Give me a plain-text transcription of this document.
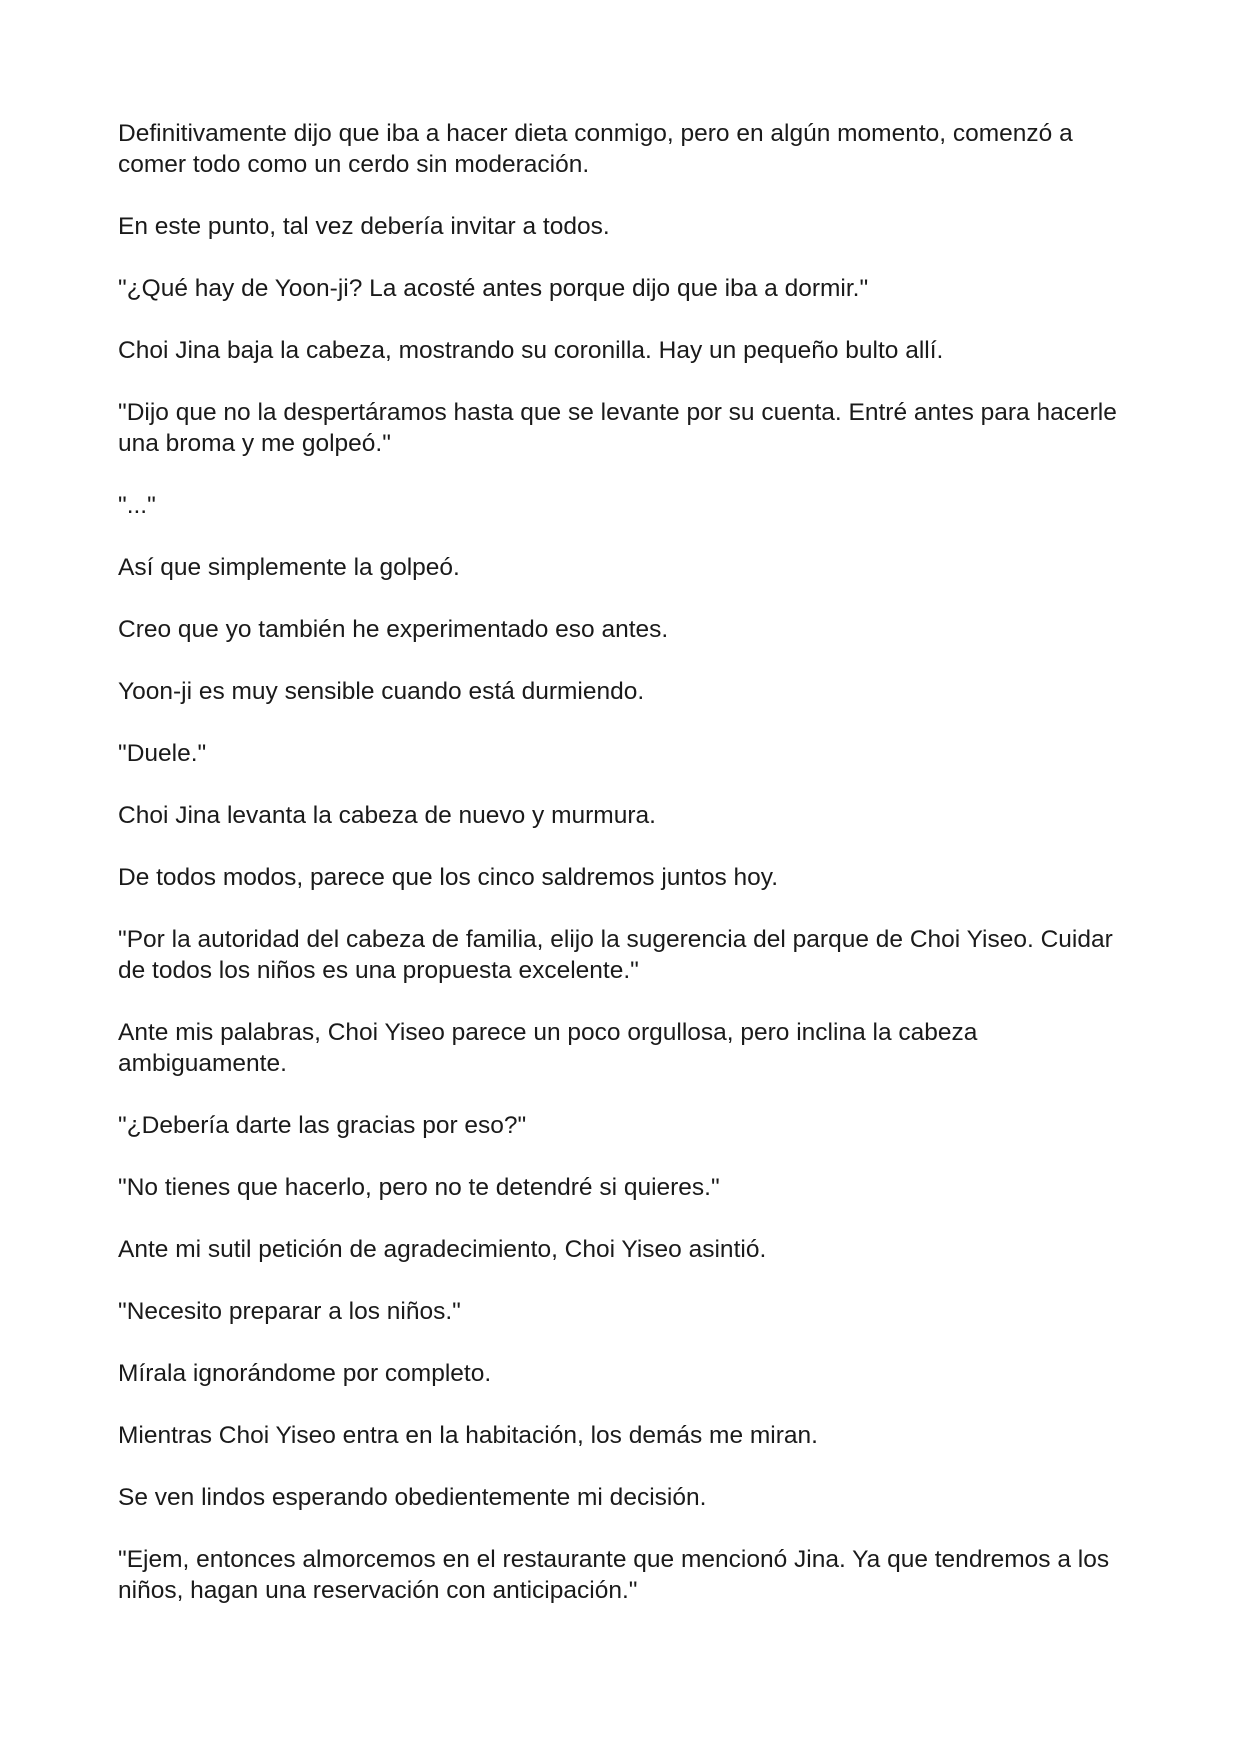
Definitivamente dijo que iba a hacer dieta conmigo, pero en algún momento, comenzó a comer todo como un cerdo sin moderación.

En este punto, tal vez debería invitar a todos.

"¿Qué hay de Yoon-ji? La acosté antes porque dijo que iba a dormir."

Choi Jina baja la cabeza, mostrando su coronilla. Hay un pequeño bulto allí.

"Dijo que no la despertáramos hasta que se levante por su cuenta. Entré antes para hacerle una broma y me golpeó."

"..."

Así que simplemente la golpeó.

Creo que yo también he experimentado eso antes.

Yoon-ji es muy sensible cuando está durmiendo.

"Duele."

Choi Jina levanta la cabeza de nuevo y murmura.

De todos modos, parece que los cinco saldremos juntos hoy.

"Por la autoridad del cabeza de familia, elijo la sugerencia del parque de Choi Yiseo. Cuidar de todos los niños es una propuesta excelente."

Ante mis palabras, Choi Yiseo parece un poco orgullosa, pero inclina la cabeza ambiguamente.

"¿Debería darte las gracias por eso?"

"No tienes que hacerlo, pero no te detendré si quieres."

Ante mi sutil petición de agradecimiento, Choi Yiseo asintió.

"Necesito preparar a los niños."

Mírala ignorándome por completo.

Mientras Choi Yiseo entra en la habitación, los demás me miran.

Se ven lindos esperando obedientemente mi decisión.

"Ejem, entonces almorcemos en el restaurante que mencionó Jina. Ya que tendremos a los niños, hagan una reservación con anticipación."
